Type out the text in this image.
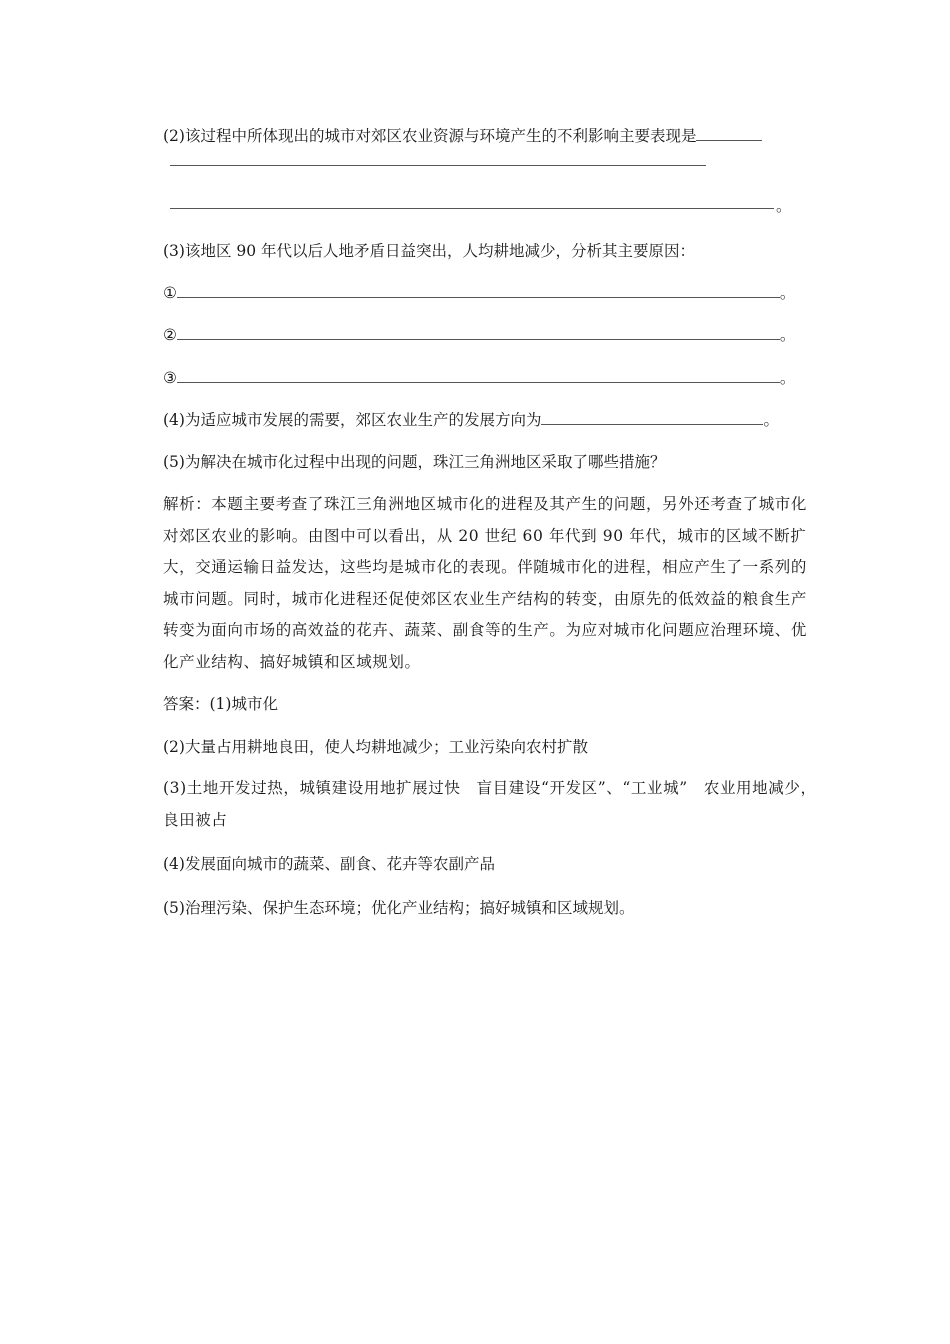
(2)该过程中所体现出的城市对郊区农业资源与环境产生的不利影响主要表现是
。
(3)该地区 90 年代以后人地矛盾日益突出，人均耕地减少，分析其主要原因：
①	。
②	。
③	。
(4)为适应城市发展的需要，郊区农业生产的发展方向为	。
(5)为解决在城市化过程中出现的问题，珠江三角洲地区采取了哪些措施？
解析：本题主要考查了珠江三角洲地区城市化的进程及其产生的问题，另外还考查了城市化对郊区农业的影响。由图中可以看出，从 20 世纪 60 年代到 90 年代，城市的区域不断扩大，交通运输日益发达，这些均是城市化的表现。伴随城市化的进程，相应产生了一系列的城市问题。同时，城市化进程还促使郊区农业生产结构的转变，由原先的低效益的粮食生产转变为面向市场的高效益的花卉、蔬菜、副食等的生产。为应对城市化问题应治理环境、优化产业结构、搞好城镇和区域规划。
答案：(1)城市化
(2)大量占用耕地良田，使人均耕地减少；工业污染向农村扩散
(3)土地开发过热，城镇建设用地扩展过快　盲目建设“开发区”、“工业城”　农业用地减少，良田被占
(4)发展面向城市的蔬菜、副食、花卉等农副产品
(5)治理污染、保护生态环境；优化产业结构；搞好城镇和区域规划。
